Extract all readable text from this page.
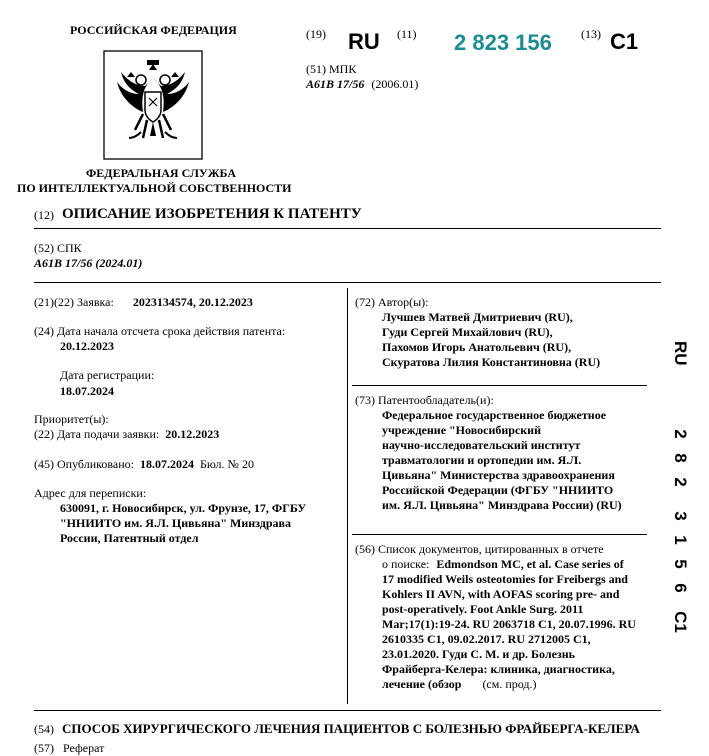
РОССИЙСКАЯ ФЕДЕРАЦИЯ
ФЕДЕРАЛЬНАЯ СЛУЖБА
ПО ИНТЕЛЛЕКТУАЛЬНОЙ СОБСТВЕННОСТИ
(19) RU (11) 2 823 156 (13) C1
(51) МПК
A61B 17/56 (2006.01)
(12) ОПИСАНИЕ ИЗОБРЕТЕНИЯ К ПАТЕНТУ
(52) СПК
A61B 17/56 (2024.01)
(21)(22) Заявка: 2023134574, 20.12.2023
(24) Дата начала отсчета срока действия патента:
20.12.2023
Дата регистрации:
18.07.2024
Приоритет(ы):
(22) Дата подачи заявки: 20.12.2023
(45) Опубликовано: 18.07.2024 Бюл. № 20
Адрес для переписки:
630091, г. Новосибирск, ул. Фрунзе, 17, ФГБУ
"ННИИТО им. Я.Л. Цивьяна" Минздрава
России, Патентный отдел
(72) Автор(ы):
Лучшев Матвей Дмитриевич (RU),
Гуди Сергей Михайлович (RU),
Пахомов Игорь Анатольевич (RU),
Скуратова Лилия Константиновна (RU)
(73) Патентообладатель(и):
Федеральное государственное бюджетное
учреждение "Новосибирский
научно-исследовательский институт
травматологии и ортопедии им. Я.Л.
Цивьяна" Министерства здравоохранения
Российской Федерации (ФГБУ "ННИИТО
им. Я.Л. Цивьяна" Минздрава России) (RU)
(56) Список документов, цитированных в отчете
о поиске: Edmondson MC, et al. Case series of
17 modified Weils osteotomies for Freibergs and
Kohlers II AVN, with AOFAS scoring pre- and
post-operatively. Foot Ankle Surg. 2011
Mar;17(1):19-24. RU 2063718 C1, 20.07.1996. RU
2610335 C1, 09.02.2017. RU 2712005 C1,
23.01.2020. Гуди С. М. и др. Болезнь
Фрайберга-Келера: клиника, диагностика,
лечение (обзор (см. прод.)
RU
2
8
2
3
1
5
6
C1
(54) СПОСОБ ХИРУРГИЧЕСКОГО ЛЕЧЕНИЯ ПАЦИЕНТОВ С БОЛЕЗНЬЮ ФРАЙБЕРГА-КЕЛЕРА
(57) Реферат
